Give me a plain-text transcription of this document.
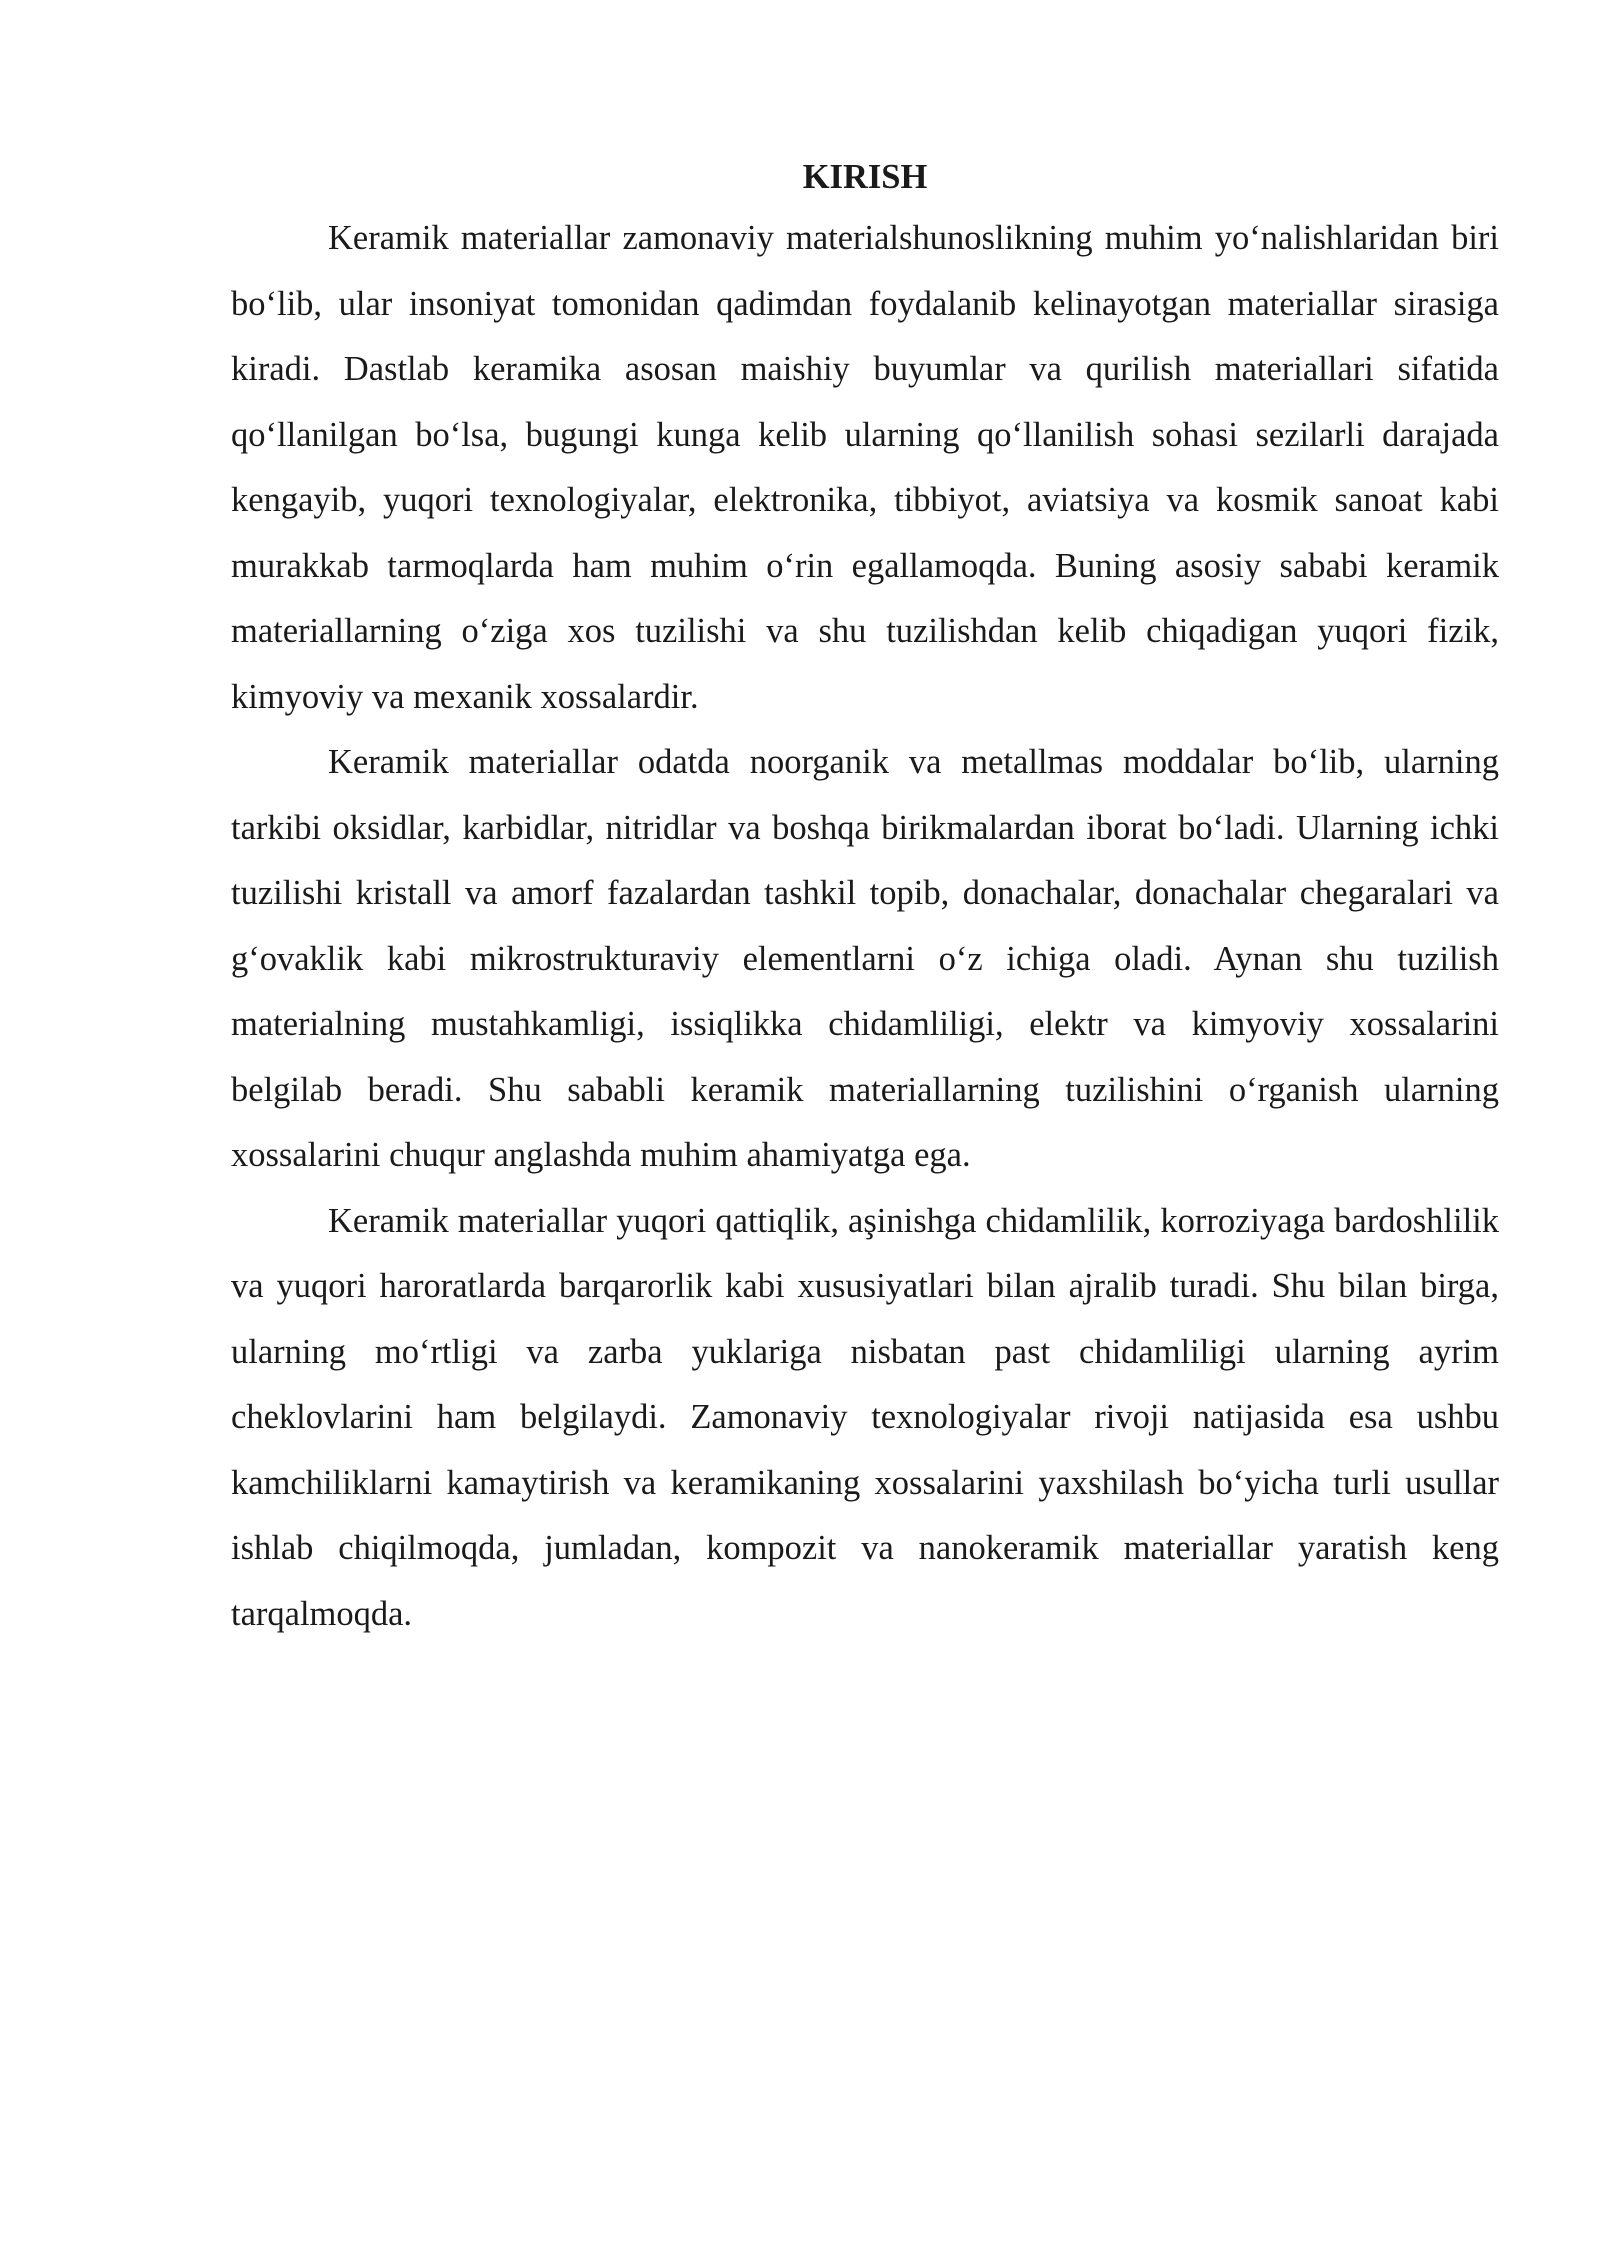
KIRISH

Keramik materiallar zamonaviy materialshunoslikning muhim yoʻnalishlaridan biri boʻlib, ular insoniyat tomonidan qadimdan foydalanib kelinayotgan materiallar sirasiga kiradi. Dastlab keramika asosan maishiy buyumlar va qurilish materiallari sifatida qoʻllanilgan boʻlsa, bugungi kunga kelib ularning qoʻllanilish sohasi sezilarli darajada kengayib, yuqori texnologiyalar, elektronika, tibbiyot, aviatsiya va kosmik sanoat kabi murakkab tarmoqlarda ham muhim oʻrin egallamoqda. Buning asosiy sababi keramik materiallarning oʻziga xos tuzilishi va shu tuzilishdan kelib chiqadigan yuqori fizik, kimyoviy va mexanik xossalardir.

Keramik materiallar odatda noorganik va metallmas moddalar boʻlib, ularning tarkibi oksidlar, karbidlar, nitridlar va boshqa birikmalardan iborat boʻladi. Ularning ichki tuzilishi kristall va amorf fazalardan tashkil topib, donachalar, donachalar chegaralari va gʻovaklik kabi mikrostrukturaviy elementlarni oʻz ichiga oladi. Aynan shu tuzilish materialning mustahkamligi, issiqlikka chidamliligi, elektr va kimyoviy xossalarini belgilab beradi. Shu sababli keramik materiallarning tuzilishini oʻrganish ularning xossalarini chuqur anglashda muhim ahamiyatga ega.

Keramik materiallar yuqori qattiqlik, aşinishga chidamlilik, korroziyaga bardoshlilik va yuqori haroratlarda barqarorlik kabi xususiyatlari bilan ajralib turadi. Shu bilan birga, ularning moʻrtligi va zarba yuklariga nisbatan past chidamliligi ularning ayrim cheklovlarini ham belgilaydi. Zamonaviy texnologiyalar rivoji natijasida esa ushbu kamchiliklarni kamaytirish va keramikaning xossalarini yaxshilash boʻyicha turli usullar ishlab chiqilmoqda, jumladan, kompozit va nanokeramik materiallar yaratish keng tarqalmoqda.
